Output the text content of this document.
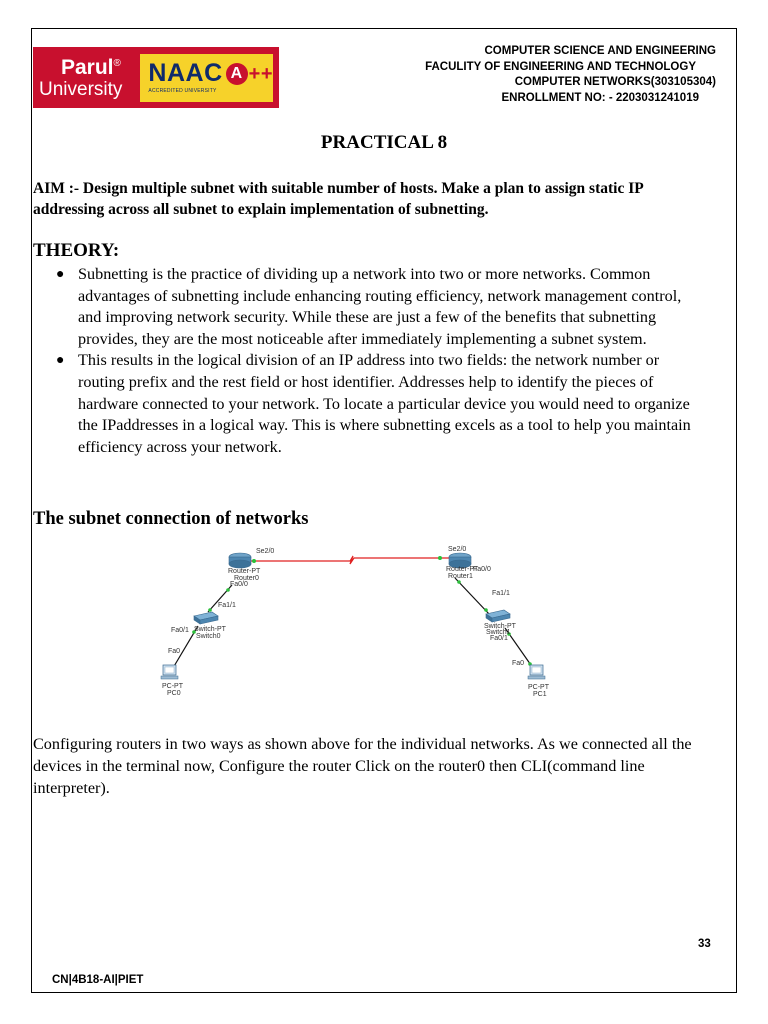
Parul®
University
NAAC A ++
ACCREDITED UNIVERSITY
COMPUTER SCIENCE AND ENGINEERING
FACULITY OF ENGINEERING AND TECHNOLOGY
COMPUTER NETWORKS(303105304)
ENROLLMENT NO: - 2203031241019
PRACTICAL 8
AIM :- Design multiple subnet with suitable number of hosts. Make a plan to assign static IP addressing across all subnet to explain implementation of subnetting.
THEORY:
● Subnetting is the practice of dividing up a network into two or more networks. Common advantages of subnetting include enhancing routing efficiency, network management control, and improving network security. While these are just a few of the benefits that subnetting provides, they are the most noticeable after immediately implementing a subnet system.
● This results in the logical division of an IP address into two fields: the network number or routing prefix and the rest field or host identifier. Addresses help to identify the pieces of hardware connected to your network. To locate a particular device you would need to organize the IPaddresses in a logical way. This is where subnetting excels as a tool to help you maintain efficiency across your network.
The subnet connection of networks
Se2/0
Router-PT
Router0
Fa0/0
Fa1/1
Fa0/1 Switch-PT
Switch0
Fa0
PC-PT
PC0
Se2/0
Router-PT
Router1
Fa0/0
Fa1/1
Switch-PT
Switch1
Fa0/1
Fa0
PC-PT
PC1
Configuring routers in two ways as shown above for the individual networks. As we connected all the devices in the terminal now, Configure the router Click on the router0 then CLI(command line interpreter).
33
CN|4B18-AI|PIET
